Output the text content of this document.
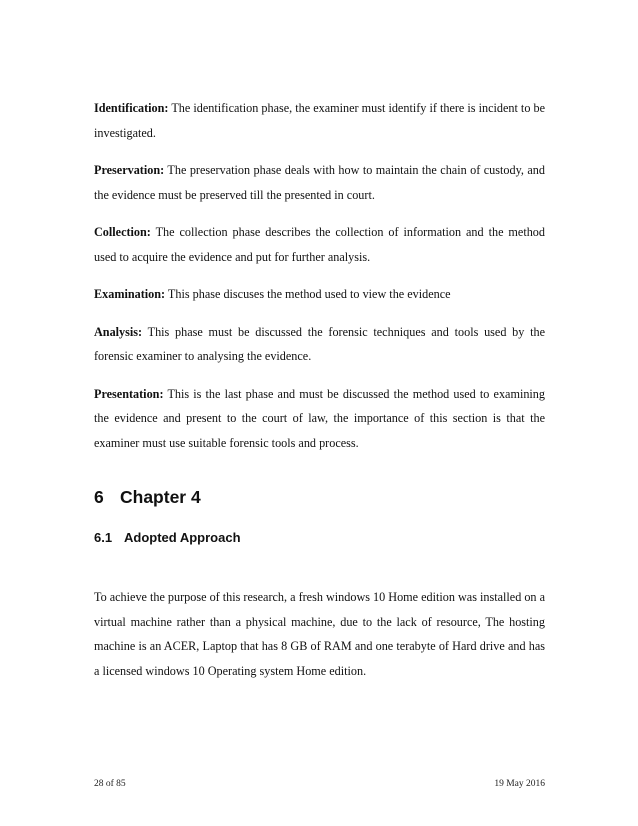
Identification: The identification phase, the examiner must identify if there is incident to be investigated.

Preservation: The preservation phase deals with how to maintain the chain of custody, and the evidence must be preserved till the presented in court.

Collection: The collection phase describes the collection of information and the method used to acquire the evidence and put for further analysis.

Examination: This phase discuses the method used to view the evidence

Analysis: This phase must be discussed the forensic techniques and tools used by the forensic examiner to analysing the evidence.

Presentation: This is the last phase and must be discussed the method used to examining the evidence and present to the court of law, the importance of this section is that the examiner must use suitable forensic tools and process.

6 Chapter 4
6.1 Adopted Approach

To achieve the purpose of this research, a fresh windows 10 Home edition was installed on a virtual machine rather than a physical machine, due to the lack of resource, The hosting machine is an ACER, Laptop that has 8 GB of RAM and one terabyte of Hard drive and has a licensed windows 10 Operating system Home edition.

28 of 85	19 May 2016
